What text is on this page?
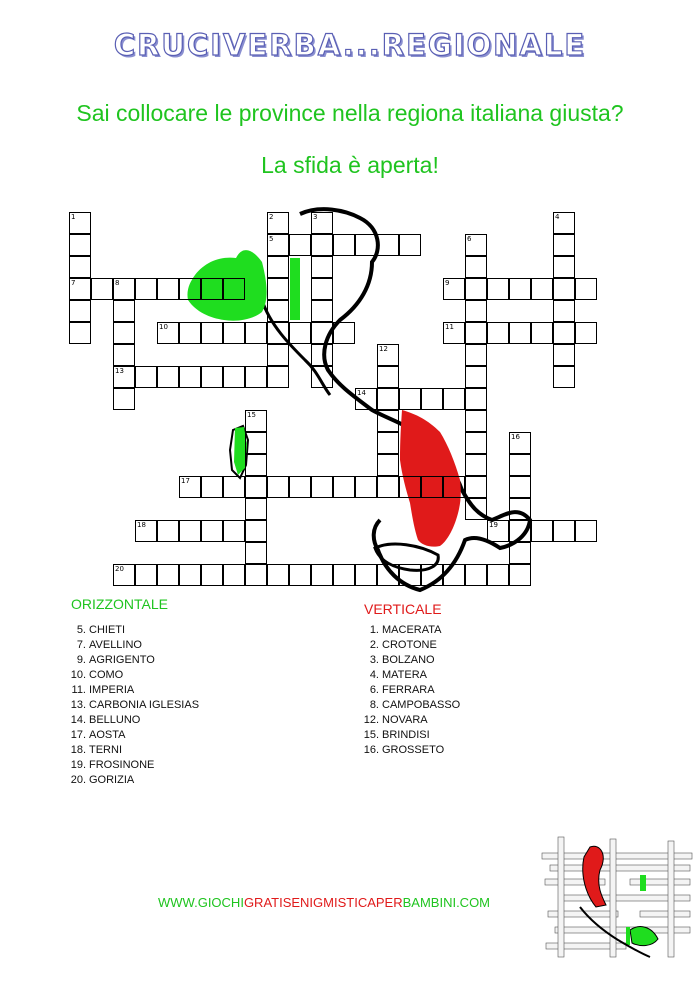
CRUCIVERBA...REGIONALE
Sai collocare le province nella regiona italiana giusta?
La sfida è aperta!
1
7
2
5
3	4
6
8
13
9
10	11
12
14
15
16
17
18	19
20
ORIZZONTALE
5. CHIETI
7. AVELLINO
9. AGRIGENTO
10. COMO
11. IMPERIA
13. CARBONIA IGLESIAS
14. BELLUNO
17. AOSTA
18. TERNI
19. FROSINONE
20. GORIZIA
VERTICALE
1. MACERATA
2. CROTONE
3. BOLZANO
4. MATERA
6. FERRARA
8. CAMPOBASSO
12. NOVARA
15. BRINDISI
16. GROSSETO
WWW.GIOCHIGRATISENIGMISTICAPERBAMBINI.COM
